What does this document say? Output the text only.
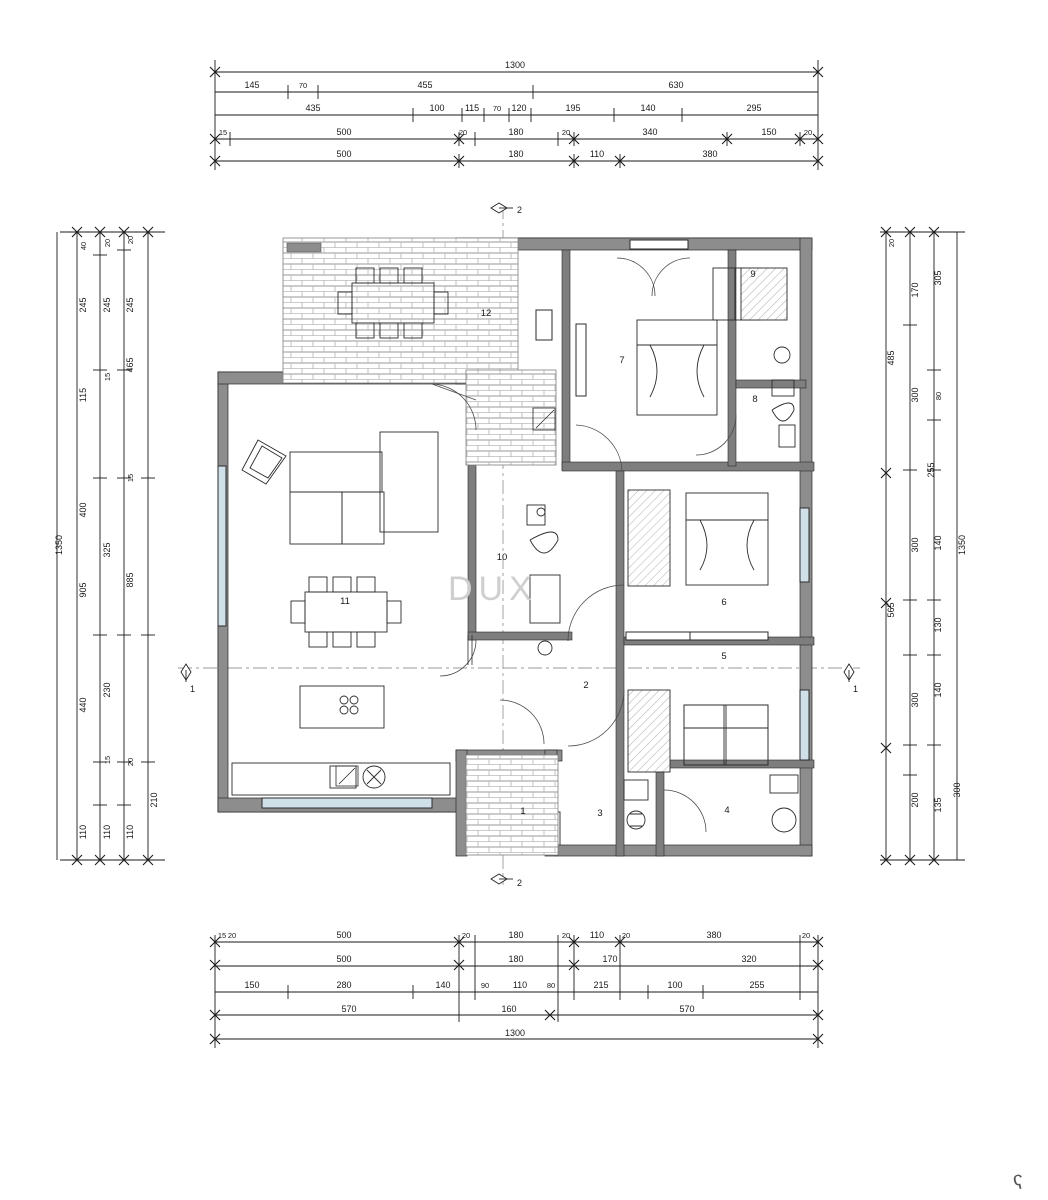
1300
145	70	455	630
435	100 115 70 120	195	140	295
15	500	20	180	20	340	150	20
500	180	110	380
15 20	500	20	180	20 110 20	380	20
500	180	170	320
150	280	140	90	110	80	215	100	255
570	160	570
1300
40
245
115
400
440
110
20
245
15
325
230
15
110
20
245
465
15
885
20
110
905
210
1350
20
170
485
300 80
305
255
300 140
565
130
300
140
200 135
300
1350
2
2
1	1
1
2
3	4
5
6
7
8
9
10
11
12
DUX
ʕ
